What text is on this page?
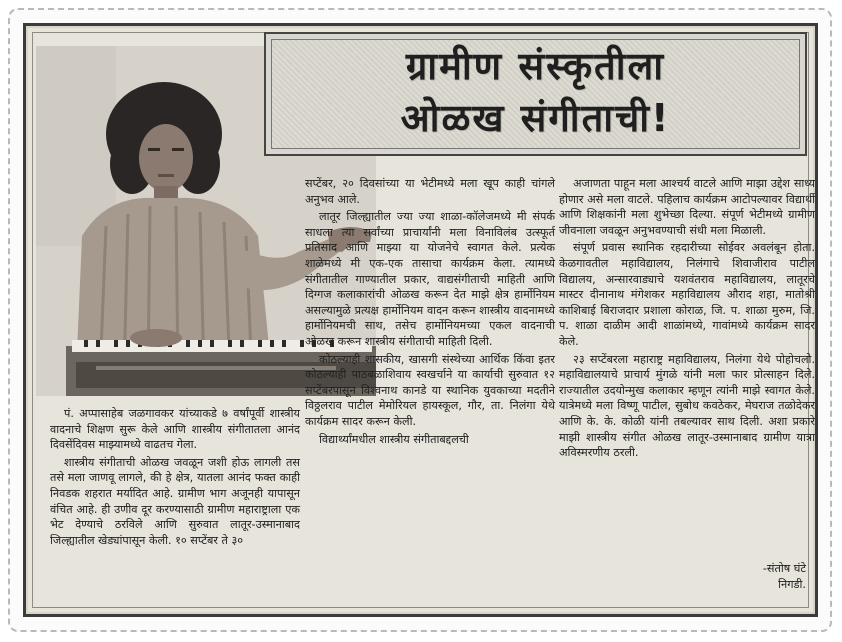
ग्रामीण संस्कृतीला
ओळख संगीताची!

पं. अप्पासाहेब जळगावकर यांच्याकडे ७ वर्षांपूर्वी शास्त्रीय वादनाचे शिक्षण सुरू केले आणि शास्त्रीय संगीतातला आनंद दिवसेंदिवस माझ्यामध्ये वाढतच गेला.

शास्त्रीय संगीताची ओळख जवळून जशी होऊ लागली तस तसे मला जाणवू लागले, की हे क्षेत्र, यातला आनंद फक्त काही निवडक शहरात मर्यादित आहे. ग्रामीण भाग अजूनही यापासून वंचित आहे. ही उणीव दूर करण्यासाठी ग्रामीण महाराष्ट्राला एक भेट देण्याचे ठरविले आणि सुरुवात लातूर-उस्मानाबाद जिल्ह्यातील खेड्यांपासून केली. १० सप्टेंबर ते ३०

सप्टेंबर, २० दिवसांच्या या भेटीमध्ये मला खूप काही चांगले अनुभव आले.

लातूर जिल्ह्यातील ज्या ज्या शाळा-कॉलेजमध्ये मी संपर्क साधला त्या सर्वांच्या प्राचार्यांनी मला विनाविलंब उत्स्फूर्त प्रतिसाद आणि माझ्या या योजनेचे स्वागत केले. प्रत्येक शाळेमध्ये मी एक-एक तासाचा कार्यक्रम केला. त्यामध्ये संगीतातील गाण्यातील प्रकार, वाद्यसंगीताची माहिती आणि दिग्गज कलाकारांची ओळख करून देत माझे क्षेत्र हार्मोनियम असल्यामुळे प्रत्यक्ष हार्मोनियम वादन करून शास्त्रीय वादनामध्ये हार्मोनियमची साथ, तसेच हार्मोनियमच्या एकल वादनाची ओळख करून शास्त्रीय संगीताची माहिती दिली.

कोठल्याही शासकीय, खासगी संस्थेच्या आर्थिक किंवा इतर कोठल्याही पाठबळाशिवाय स्वखर्चाने या कार्याची सुरुवात १२ सप्टेंबरपासून विश्वनाथ कानडे या स्थानिक युवकाच्या मदतीने विठ्ठलराव पाटील मेमोरियल हायस्कूल, गौर, ता. निलंगा येथे कार्यक्रम सादर करून केली.

विद्यार्थ्यांमधील शास्त्रीय संगीताबद्दलची

अजाणता पाहून मला आश्चर्य वाटले आणि माझा उद्देश साध्य होणार असे मला वाटले. पहिलाच कार्यक्रम आटोपल्यावर विद्यार्थी आणि शिक्षकांनी मला शुभेच्छा दिल्या. संपूर्ण भेटीमध्ये ग्रामीण जीवनाला जवळून अनुभवण्याची संधी मला मिळाली.

संपूर्ण प्रवास स्थानिक रहदारीच्या सोईवर अवलंबून होता. केळगावतील महाविद्यालय, निलंगाचे शिवाजीराव पाटील विद्यालय, अन्सारवाड्याचे यशवंतराव महाविद्यालय, लातूरचे मास्टर दीनानाथ मंगेशकर महाविद्यालय औराद शहा, मातोश्री काशिबाई बिराजदार प्रशाला कोराळ, जि. प. शाळा मुरुम, जि. प. शाळा दाळीम आदी शाळांमध्ये, गावांमध्ये कार्यक्रम सादर केले.

२३ सप्टेंबरला महाराष्ट्र महाविद्यालय, निलंगा येथे पोहोचलो. महाविद्यालयाचे प्राचार्य मुंगळे यांनी मला फार प्रोत्साहन दिले. राज्यातील उदयोन्मुख कलाकार म्हणून त्यांनी माझे स्वागत केले. यात्रेमध्ये मला विष्णू पाटील, सुबोध कवठेकर, मेघराज तळोदेकर आणि के. के. कोळी यांनी तबल्यावर साथ दिली. अशा प्रकारे माझी शास्त्रीय संगीत ओळख लातूर-उस्मानाबाद ग्रामीण यात्रा अविस्मरणीय ठरली.

-संतोष घंटे
निगडी.
